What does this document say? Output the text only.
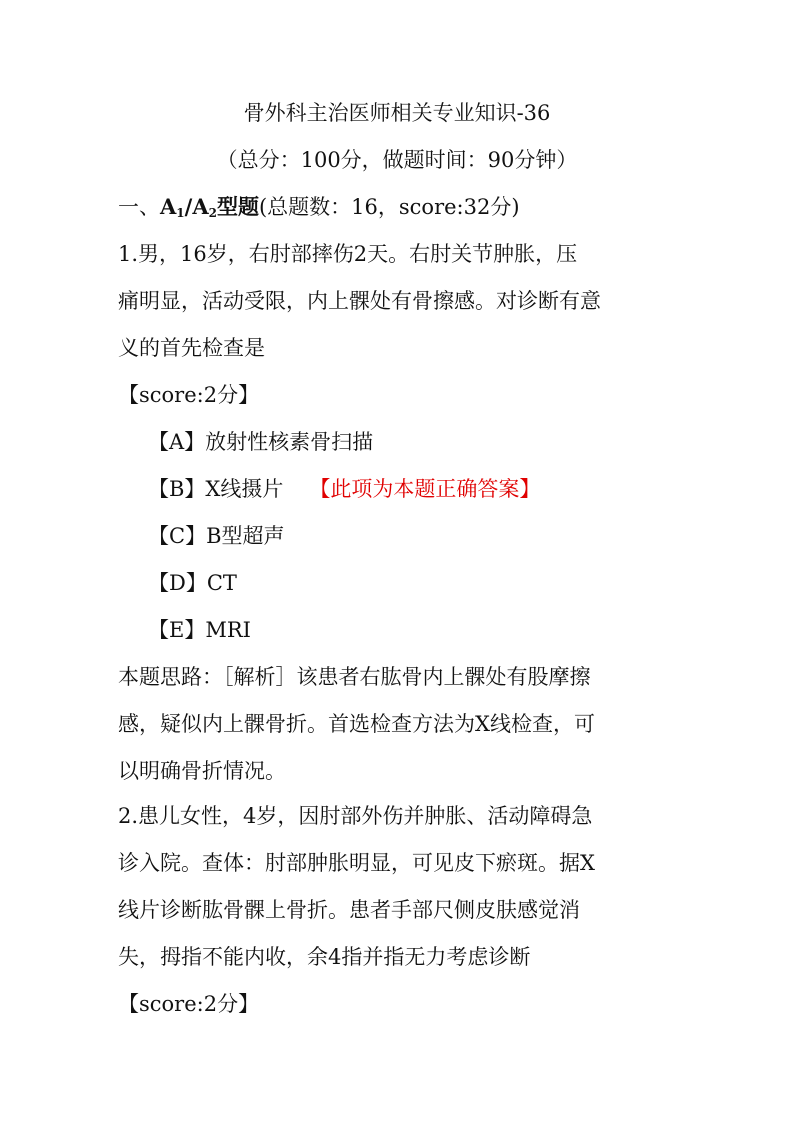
骨外科主治医师相关专业知识-36
（总分：100分，做题时间：90分钟）
一、$A_1/A_2$型题(总题数：16，score:32分)
1.男，16岁，右肘部摔伤2天。右肘关节肿胀，压
痛明显，活动受限，内上髁处有骨擦感。对诊断有意
义的首先检查是
【score:2分】
【A】放射性核素骨扫描
【B】X线摄片 【此项为本题正确答案】
【C】B型超声
【D】CT
【E】MRI
本题思路：［解析］该患者右肱骨内上髁处有股摩擦
感，疑似内上髁骨折。首选检查方法为X线检查，可
以明确骨折情况。
2.患儿女性，4岁，因肘部外伤并肿胀、活动障碍急
诊入院。查体：肘部肿胀明显，可见皮下瘀斑。据X
线片诊断肱骨髁上骨折。患者手部尺侧皮肤感觉消
失，拇指不能内收，余4指并指无力考虑诊断
【score:2分】
